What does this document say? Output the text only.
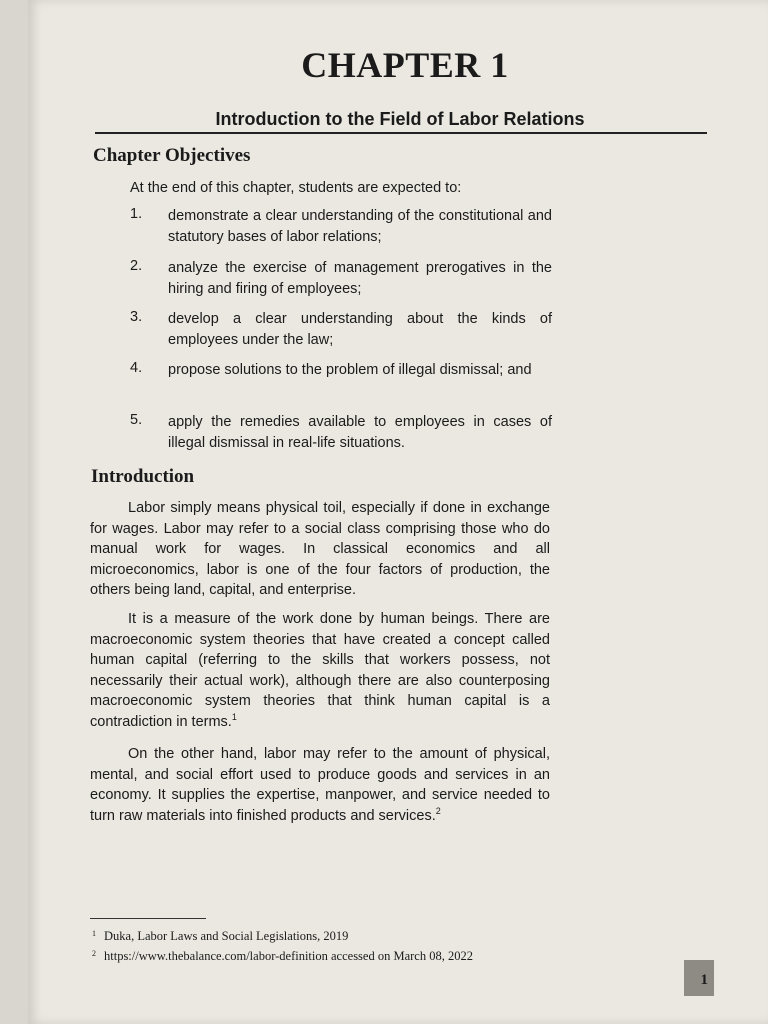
CHAPTER 1
Introduction to the Field of Labor Relations
Chapter Objectives
At the end of this chapter, students are expected to:
1.	demonstrate a clear understanding of the constitutional and statutory bases of labor relations;
2.	analyze the exercise of management prerogatives in the hiring and firing of employees;
3.	develop a clear understanding about the kinds of employees under the law;
4.	propose solutions to the problem of illegal dismissal; and
5.	apply the remedies available to employees in cases of illegal dismissal in real-life situations.
Introduction

Labor simply means physical toil, especially if done in exchange for wages. Labor may refer to a social class comprising those who do manual work for wages. In classical economics and all microeconomics, labor is one of the four factors of production, the others being land, capital, and enterprise.

It is a measure of the work done by human beings. There are macroeconomic system theories that have created a concept called human capital (referring to the skills that workers possess, not necessarily their actual work), although there are also counterposing macroeconomic system theories that think human capital is a contradiction in terms.$^1$

On the other hand, labor may refer to the amount of physical, mental, and social effort used to produce goods and services in an economy. It supplies the expertise, manpower, and service needed to turn raw materials into finished products and services.$^2$

$^1$ Duka, Labor Laws and Social Legislations, 2019
$^2$ https://www.thebalance.com/labor-definition accessed on March 08, 2022
1
